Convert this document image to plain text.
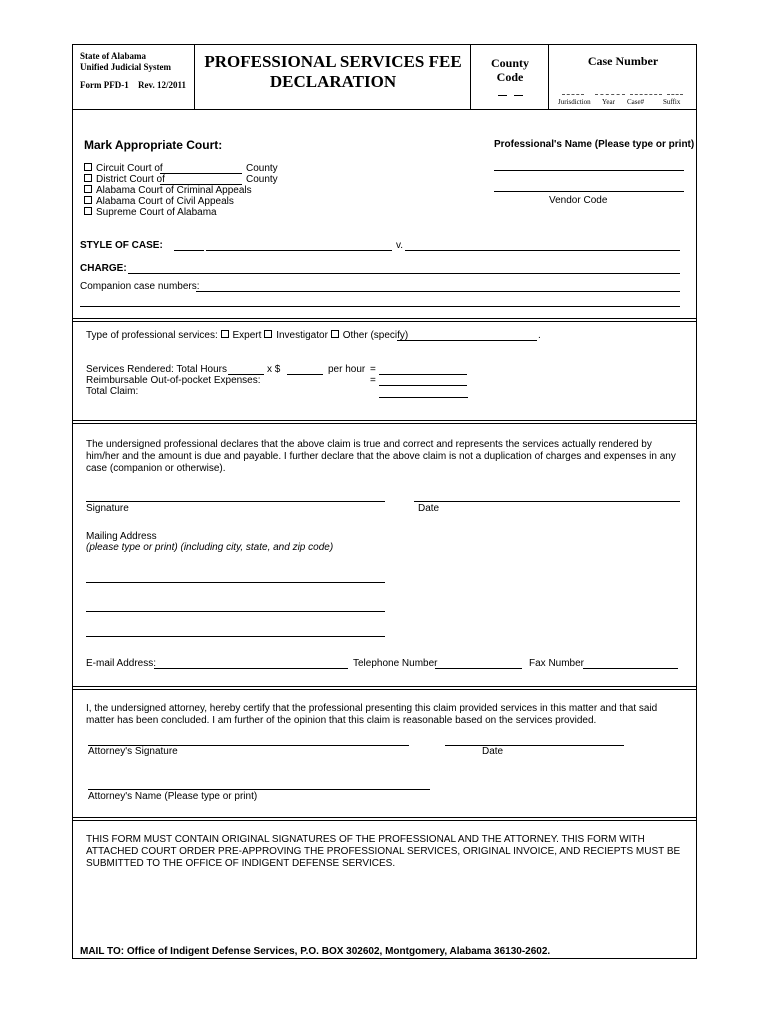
State of Alabama
Unified Judicial System
Form PFD-1 Rev. 12/2011
PROFESSIONAL SERVICES FEE
DECLARATION
County
Code
Case Number
Jurisdiction Year Case#	Suffix
Mark Appropriate Court:
Circuit Court of	County
District Court of	County
Alabama Court of Criminal Appeals
Alabama Court of Civil Appeals
Supreme Court of Alabama
Professional's Name (Please type or print)
Vendor Code
STYLE OF CASE:	v.
CHARGE:
Companion case numbers:
Type of professional services: Expert Investigator Other (specify)	.
Services Rendered: Total Hours	x $	per hour =
Reimbursable Out-of-pocket Expenses:	=
Total Claim:
The undersigned professional declares that the above claim is true and correct and represents the services actually rendered by him/her and the amount is due and payable. I further declare that the above claim is not a duplication of charges and expenses in any case (companion or otherwise).
Signature	Date
Mailing Address
(please type or print) (including city, state, and zip code)
E-mail Address:	Telephone Number	Fax Number
I, the undersigned attorney, hereby certify that the professional presenting this claim provided services in this matter and that said matter has been concluded. I am further of the opinion that this claim is reasonable based on the services provided.
Attorney's Signature	Date
Attorney's Name (Please type or print)
THIS FORM MUST CONTAIN ORIGINAL SIGNATURES OF THE PROFESSIONAL AND THE ATTORNEY. THIS FORM WITH ATTACHED COURT ORDER PRE-APPROVING THE PROFESSIONAL SERVICES, ORIGINAL INVOICE, AND RECIEPTS MUST BE SUBMITTED TO THE OFFICE OF INDIGENT DEFENSE SERVICES.
MAIL TO: Office of Indigent Defense Services, P.O. BOX 302602, Montgomery, Alabama 36130-2602.
